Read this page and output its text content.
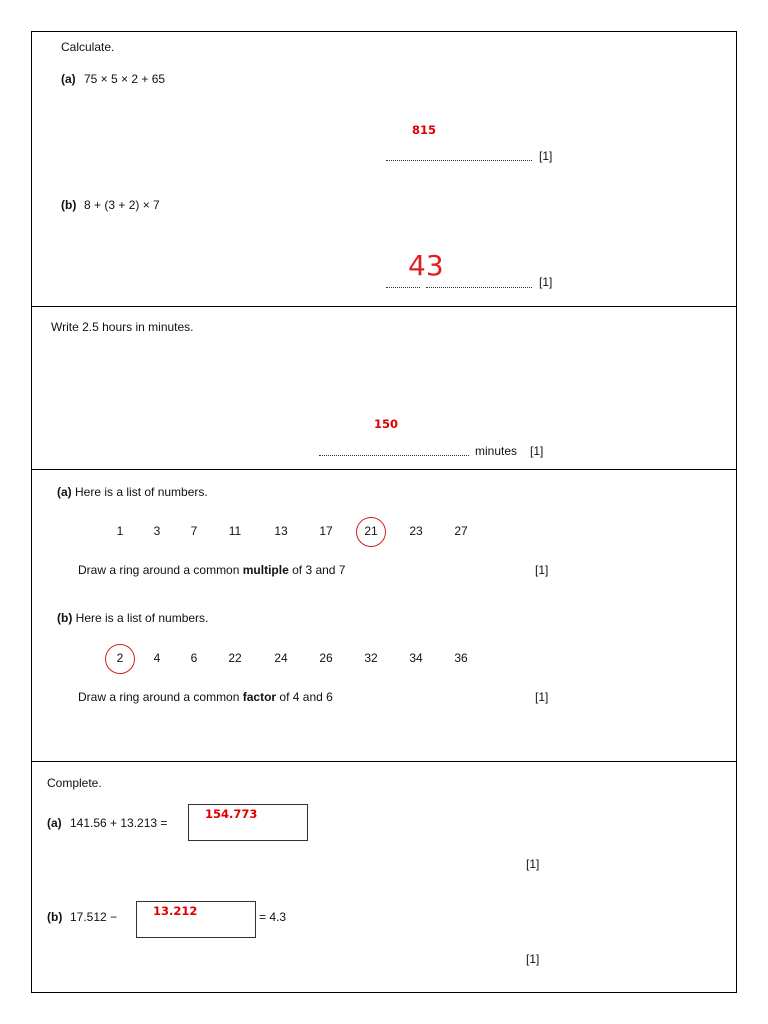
Calculate.
(a) 75 × 5 × 2 + 65
815
[1]
(b) 8 + (3 + 2) × 7
43	[1]
Write 2.5 hours in minutes.
150
minutes [1]
(a) Here is a list of numbers.
1	3	7	11	13	17	21	23	27
Draw a ring around a common multiple of 3 and 7	[1]
(b) Here is a list of numbers.
2	4	6	22	24	26	32	34	36
Draw a ring around a common factor of 4 and 6	[1]
Complete.
(a) 141.56 + 13.213 =
154.773
[1]
(b) 17.512 −	13.212	= 4.3
[1]
